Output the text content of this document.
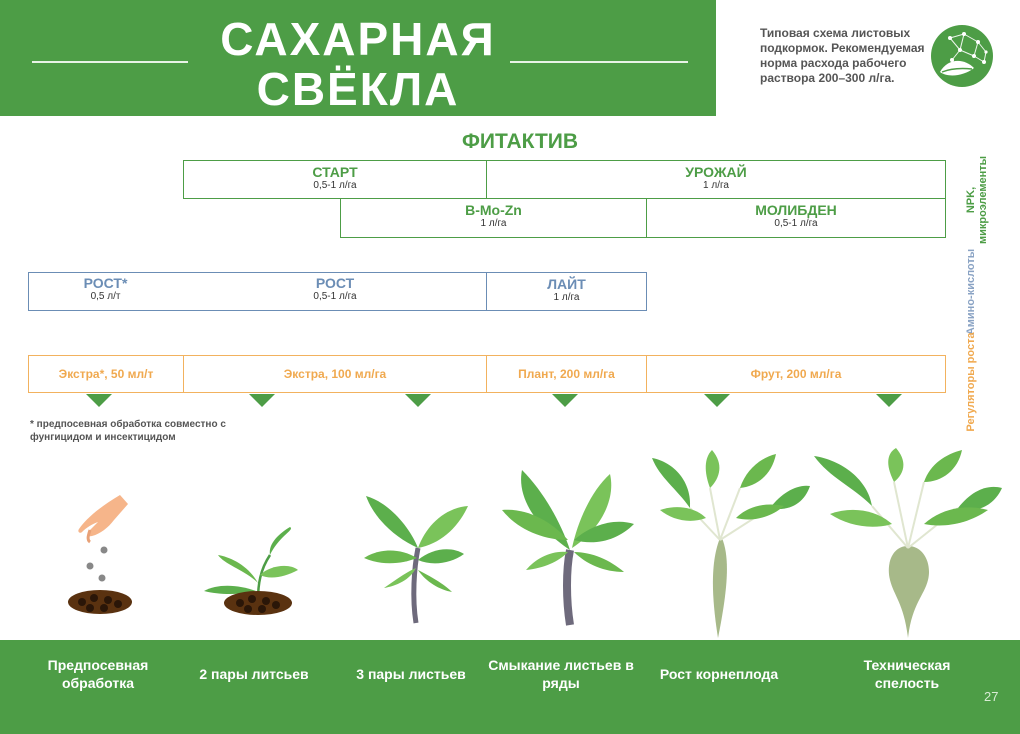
САХАРНАЯ
СВЁКЛА
Типовая схема листовых подкормок. Рекомендуемая норма расхода рабочего раствора 200–300 л/га.
ФИТАКТИВ
СТАРТ
0,5-1 л/га
УРОЖАЙ
1 л/га
B-Mo-Zn
1 л/га
МОЛИБДЕН
0,5-1 л/га
NPK, микроэлементы
РОСТ*
0,5 л/т
РОСТ
0,5-1 л/га
ЛАЙТ
1 л/га	Амино-кислоты
Экстра*, 50 мл/т	Экстра, 100 мл/га	Плант, 200 мл/га	Фрут, 200 мл/га	Регуляторы роста
* предпосевная обработка совместно с фунгицидом и инсектицидом
Предпосевная обработка
2 пары литсьев	3 пары листьев
Смыкание листьев в ряды
Рост корнеплода
Техническая спелость
27
